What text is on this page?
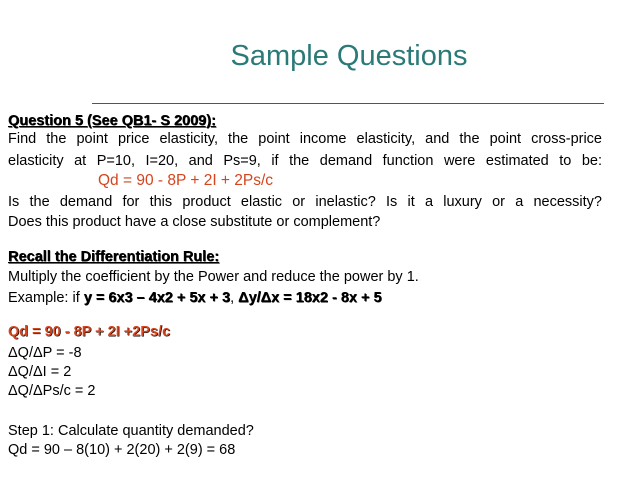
Sample Questions
Question 5 (See QB1- S 2009):
Find the point price elasticity, the point income elasticity, and the point cross-price
elasticity at P=10, I=20, and Ps=9, if the demand function were estimated to be:
Qd = 90 - 8P + 2I + 2Ps/c
Is the demand for this product elastic or inelastic? Is it a luxury or a necessity?
Does this product have a close substitute or complement?
Recall the Differentiation Rule:
Multiply the coefficient by the Power and reduce the power by 1.
Example: if y = 6x3 – 4x2 + 5x + 3, Δy/Δx = 18x2 - 8x + 5
Qd = 90 - 8P + 2I +2Ps/c
ΔQ/ΔP = -8
ΔQ/ΔI = 2
ΔQ/ΔPs/c = 2
Step 1: Calculate quantity demanded?
Qd = 90 – 8(10) + 2(20) + 2(9) = 68
